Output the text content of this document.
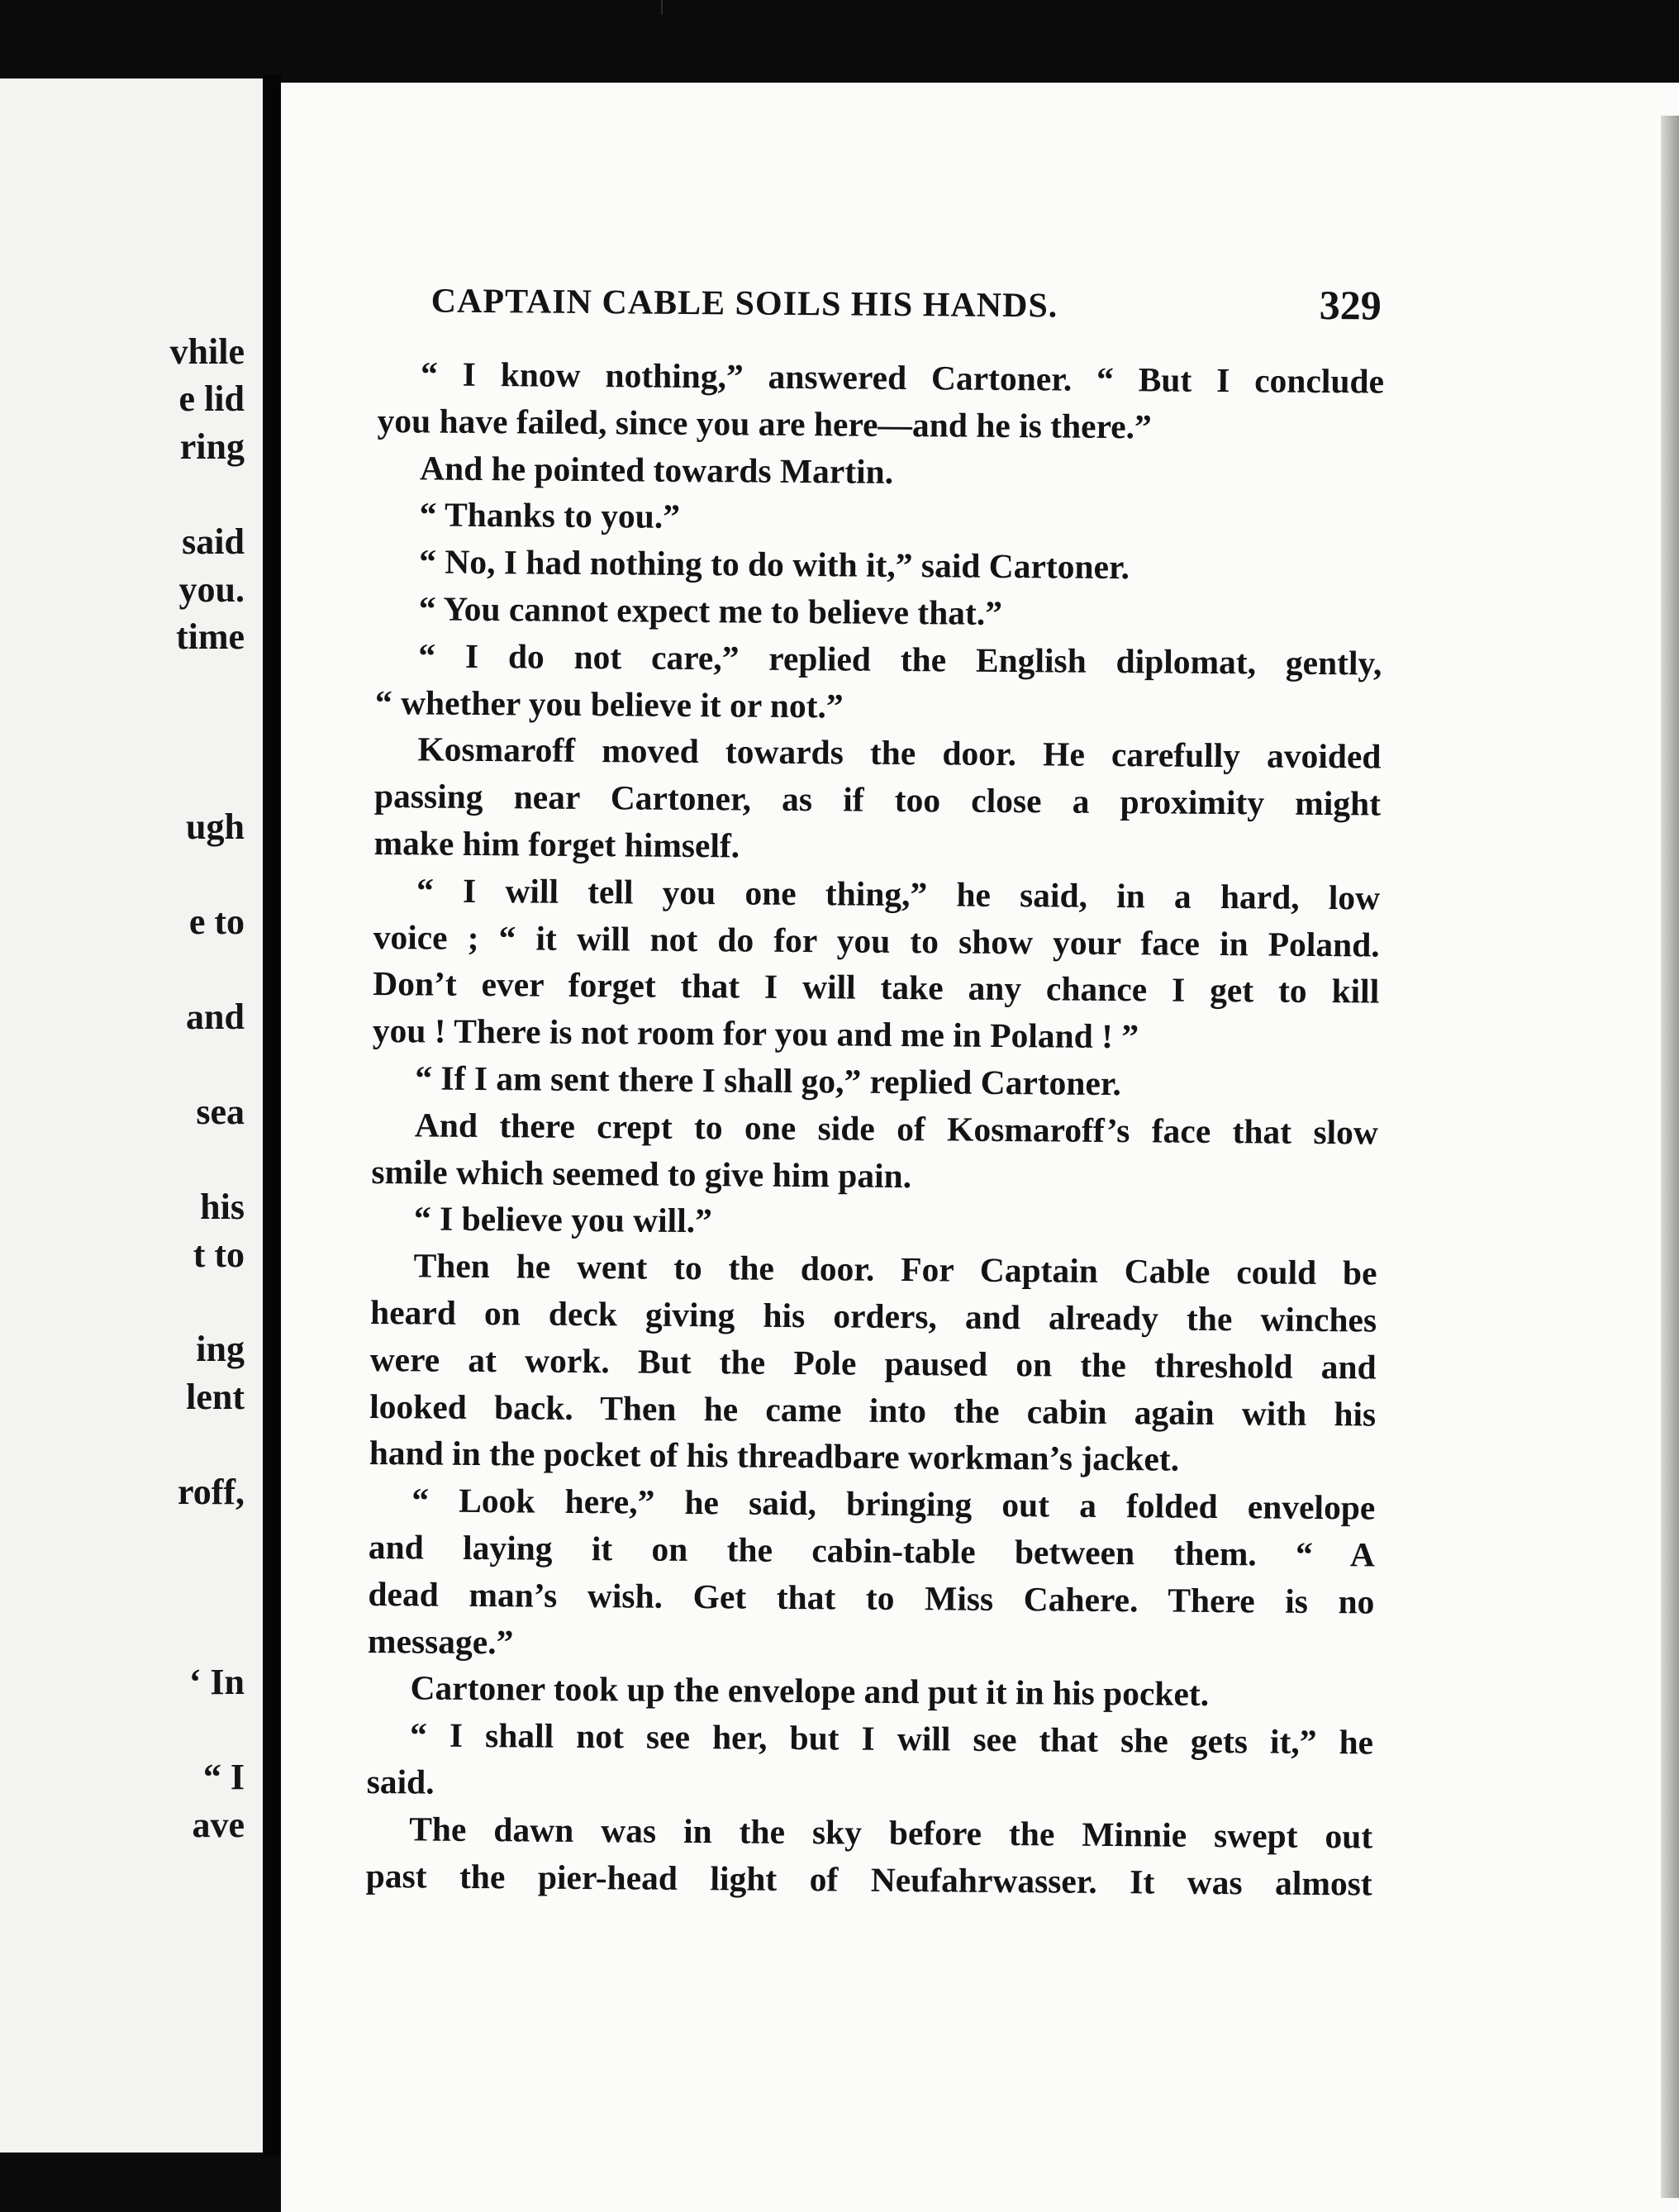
vhile
e lid
ring
said
you.
time
ugh
e to
and
sea
his
t to
ing
lent
roff,
‘ In
“ I
ave
CAPTAIN CABLE SOILS HIS HANDS.	329
“ I know nothing,” answered Cartoner. “ But I conclude
you have failed, since you are here—and he is there.”
And he pointed towards Martin.
“ Thanks to you.”
“ No, I had nothing to do with it,” said Cartoner.
“ You cannot expect me to believe that.”
“ I do not care,” replied the English diplomat, gently,
“ whether you believe it or not.”
Kosmaroff moved towards the door. He carefully avoided
passing near Cartoner, as if too close a proximity might
make him forget himself.
“ I will tell you one thing,” he said, in a hard, low
voice ; “ it will not do for you to show your face in Poland.
Don’t ever forget that I will take any chance I get to kill
you ! There is not room for you and me in Poland ! ”
“ If I am sent there I shall go,” replied Cartoner.
And there crept to one side of Kosmaroff’s face that slow
smile which seemed to give him pain.
“ I believe you will.”
Then he went to the door. For Captain Cable could be
heard on deck giving his orders, and already the winches
were at work. But the Pole paused on the threshold and
looked back. Then he came into the cabin again with his
hand in the pocket of his threadbare workman’s jacket.
“ Look here,” he said, bringing out a folded envelope
and laying it on the cabin-table between them. “ A
dead man’s wish. Get that to Miss Cahere. There is no
message.”
Cartoner took up the envelope and put it in his pocket.
“ I shall not see her, but I will see that she gets it,” he
said.
The dawn was in the sky before the Minnie swept out
past the pier-head light of Neufahrwasser. It was almost
